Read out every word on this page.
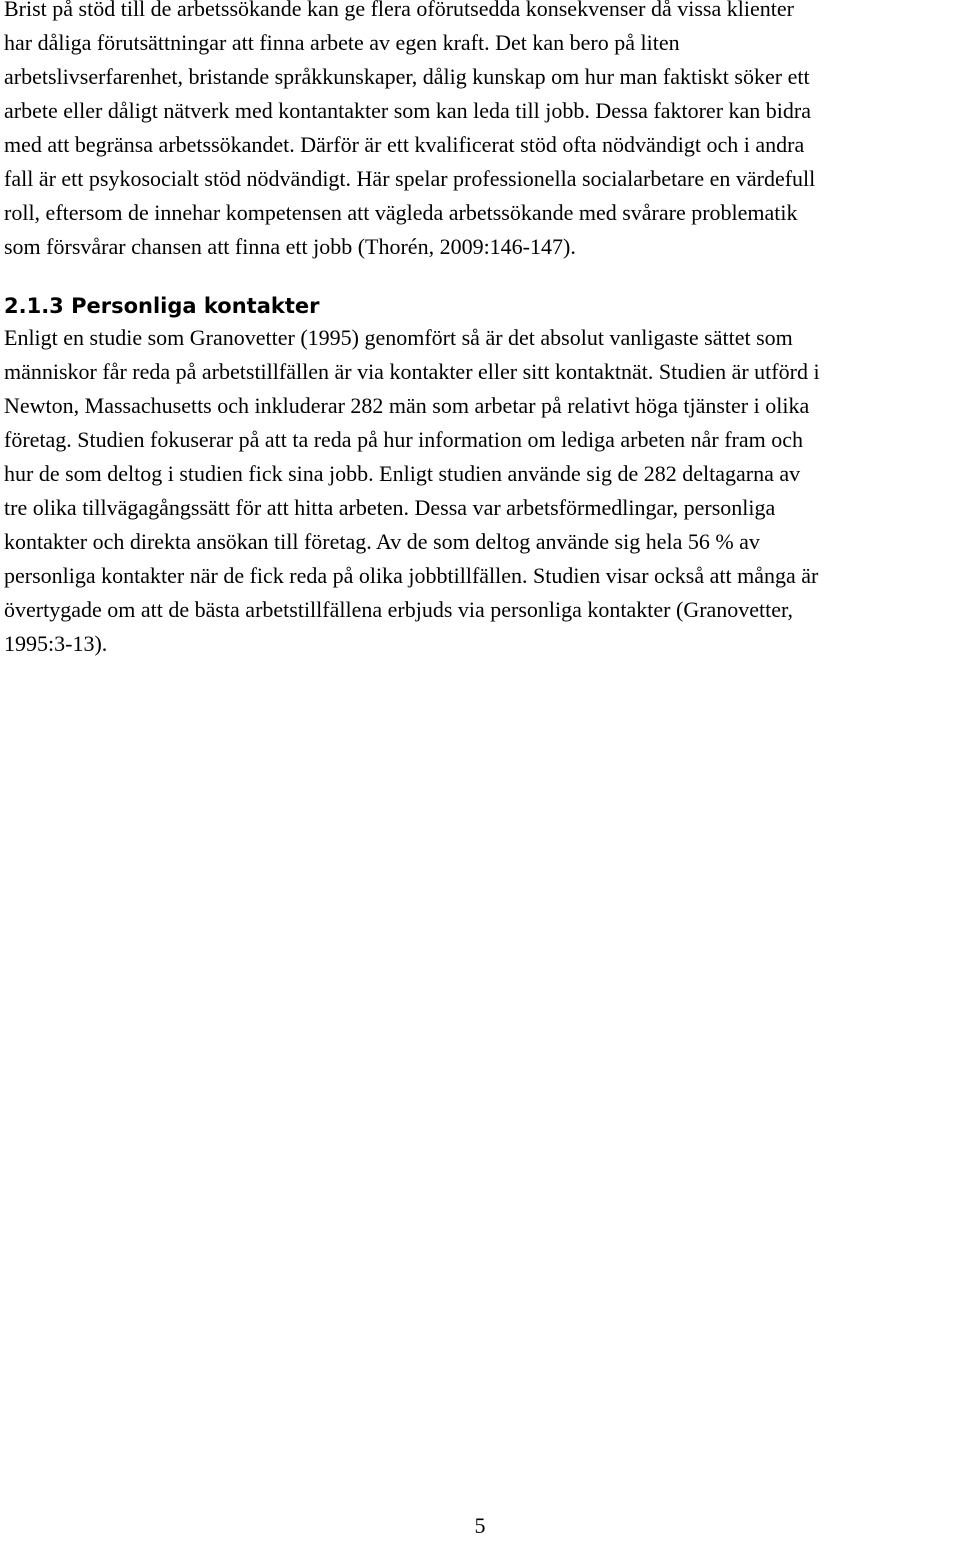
Brist på stöd till de arbetssökande kan ge flera oförutsedda konsekvenser då vissa klienter
har dåliga förutsättningar att finna arbete av egen kraft. Det kan bero på liten
arbetslivserfarenhet, bristande språkkunskaper, dålig kunskap om hur man faktiskt söker ett
arbete eller dåligt nätverk med kontantakter som kan leda till jobb. Dessa faktorer kan bidra
med att begränsa arbetssökandet. Därför är ett kvalificerat stöd ofta nödvändigt och i andra
fall är ett psykosocialt stöd nödvändigt. Här spelar professionella socialarbetare en värdefull
roll, eftersom de innehar kompetensen att vägleda arbetssökande med svårare problematik
som försvårar chansen att finna ett jobb (Thorén, 2009:146-147).

2.1.3 Personliga kontakter

Enligt en studie som Granovetter (1995) genomfört så är det absolut vanligaste sättet som
människor får reda på arbetstillfällen är via kontakter eller sitt kontaktnät. Studien är utförd i
Newton, Massachusetts och inkluderar 282 män som arbetar på relativt höga tjänster i olika
företag. Studien fokuserar på att ta reda på hur information om lediga arbeten når fram och
hur de som deltog i studien fick sina jobb. Enligt studien använde sig de 282 deltagarna av
tre olika tillvägagångssätt för att hitta arbeten. Dessa var arbetsförmedlingar, personliga
kontakter och direkta ansökan till företag. Av de som deltog använde sig hela 56 % av
personliga kontakter när de fick reda på olika jobbtillfällen. Studien visar också att många är
övertygade om att de bästa arbetstillfällena erbjuds via personliga kontakter (Granovetter,
1995:3-13).

5
